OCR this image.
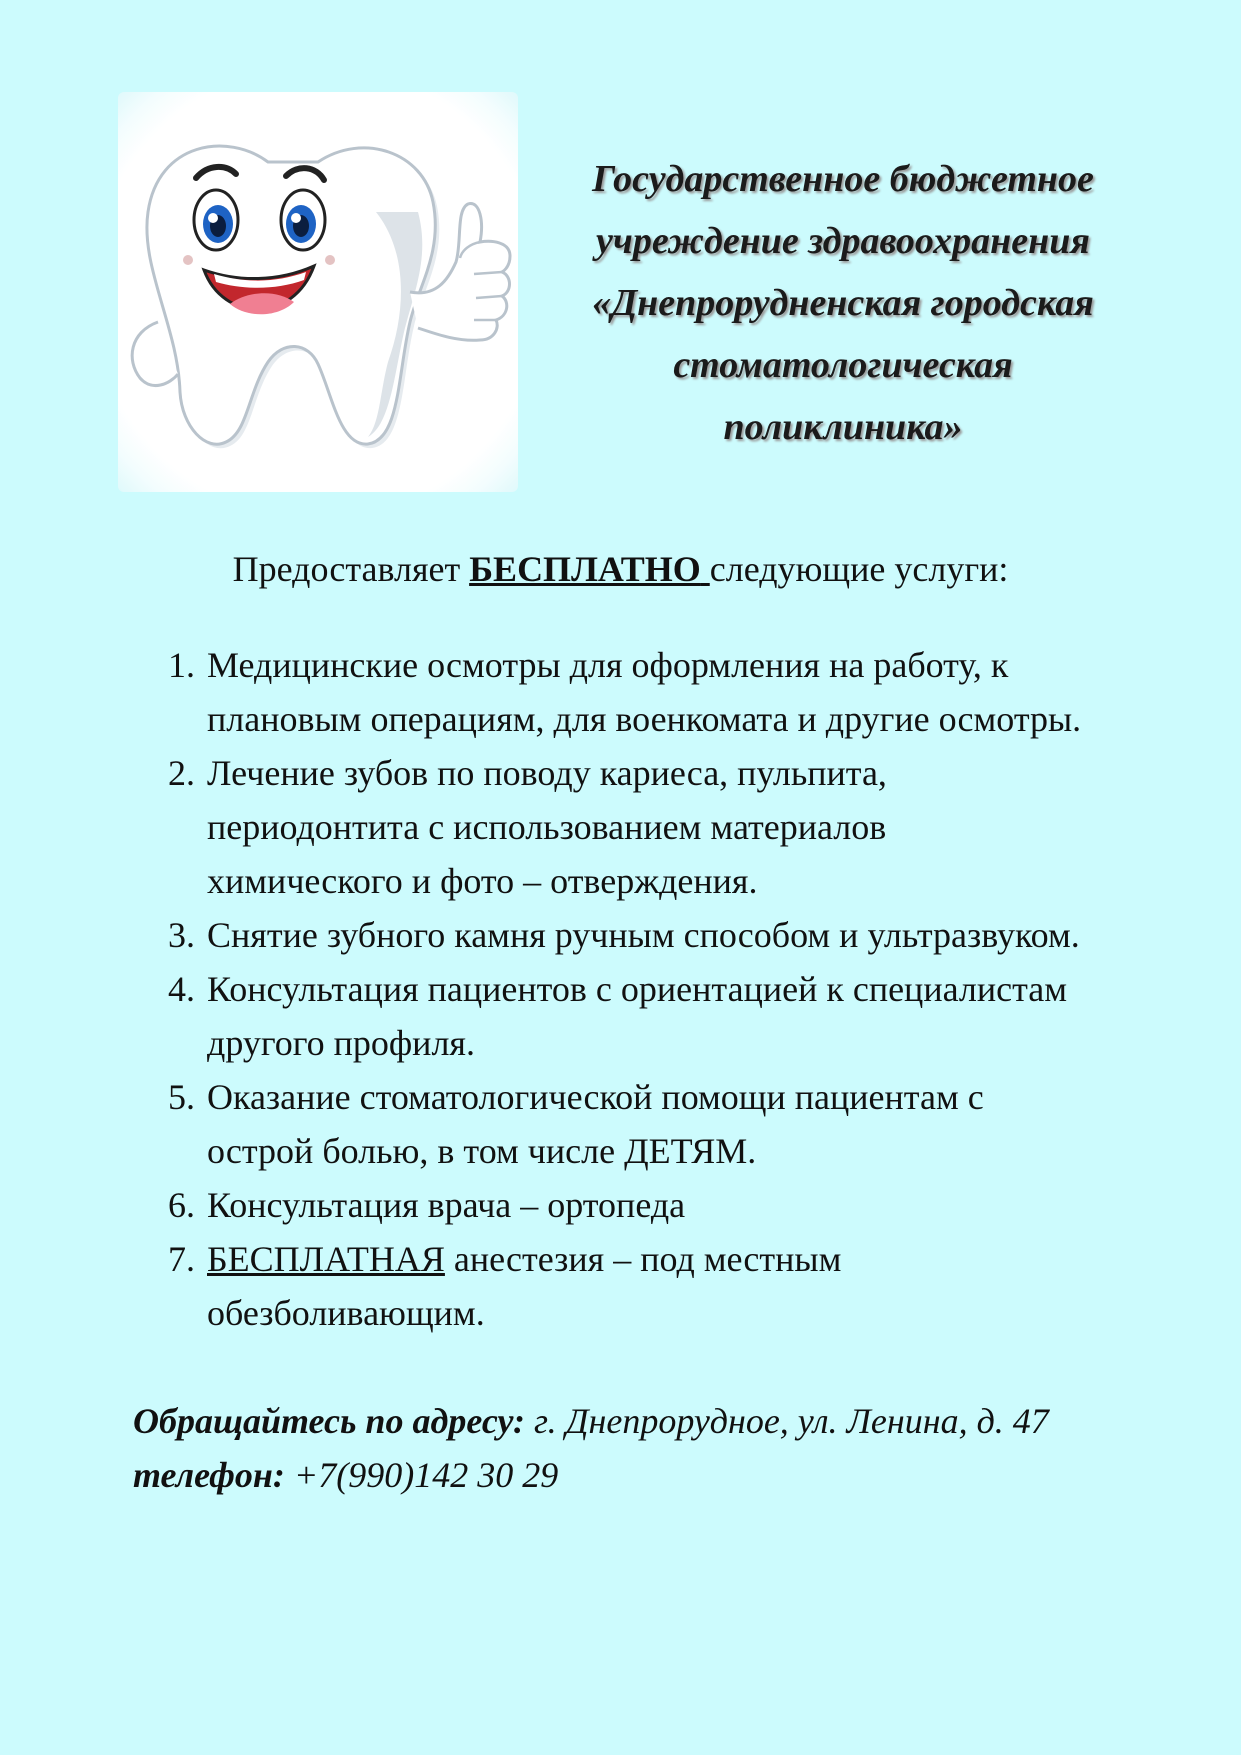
Государственное бюджетное
учреждение здравоохранения
«Днепрорудненская городская
стоматологическая
поликлиника»
Предоставляет БЕСПЛАТНО следующие услуги:
1. Медицинские осмотры для оформления на работу, к
плановым операциям, для военкомата и другие осмотры.
2. Лечение зубов по поводу кариеса, пульпита,
периодонтита с использованием материалов
химического и фото – отверждения.
3. Снятие зубного камня ручным способом и ультразвуком.
4. Консультация пациентов с ориентацией к специалистам
другого профиля.
5. Оказание стоматологической помощи пациентам с
острой болью, в том числе ДЕТЯМ.
6. Консультация врача – ортопеда
7. БЕСПЛАТНАЯ анестезия – под местным
обезболивающим.
Обращайтесь по адресу: г. Днепрорудное, ул. Ленина, д. 47
телефон: +7(990)142 30 29
